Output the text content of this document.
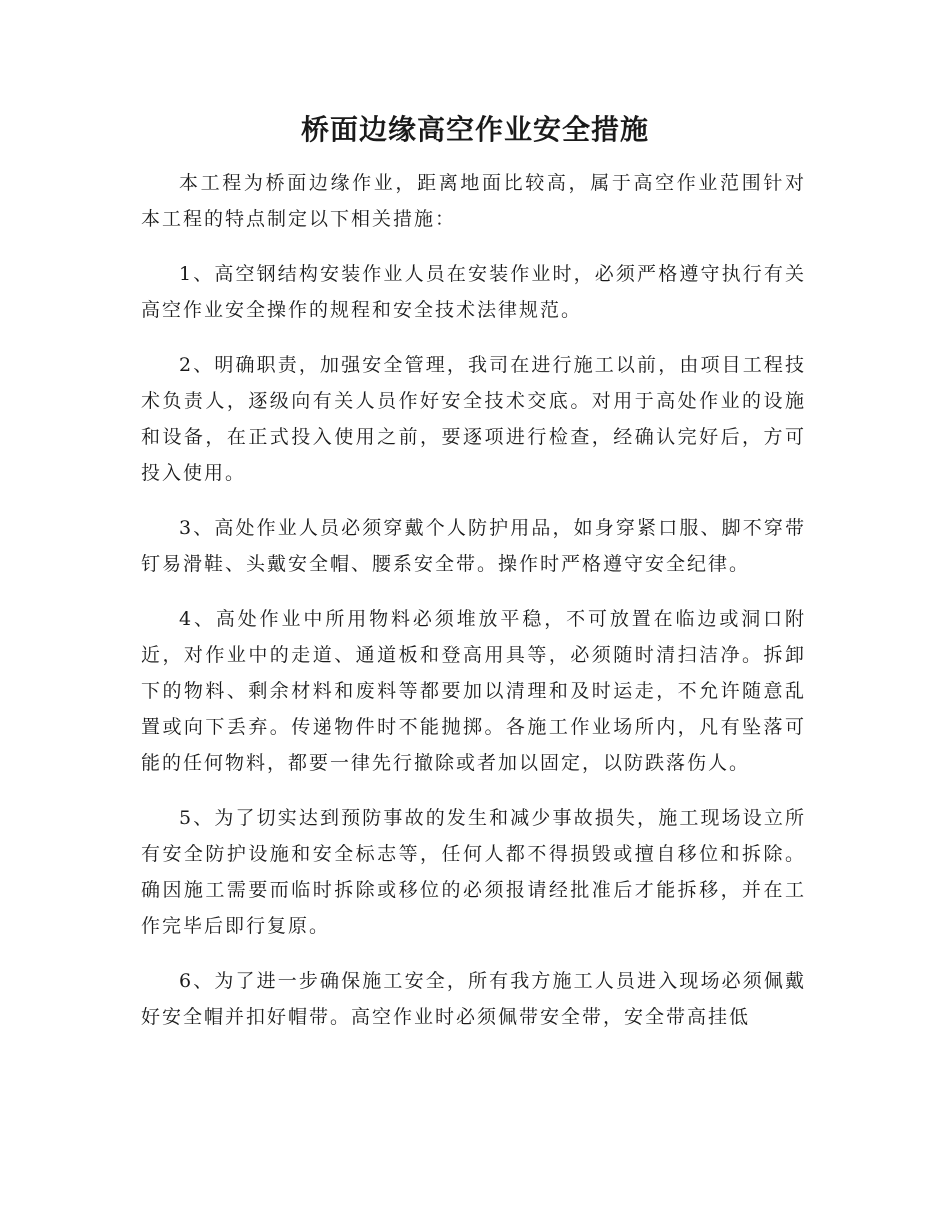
桥面边缘高空作业安全措施

本工程为桥面边缘作业，距离地面比较高，属于高空作业范围针对本工程的特点制定以下相关措施：

1、高空钢结构安装作业人员在安装作业时，必须严格遵守执行有关高空作业安全操作的规程和安全技术法律规范。

2、明确职责，加强安全管理，我司在进行施工以前，由项目工程技术负责人，逐级向有关人员作好安全技术交底。对用于高处作业的设施和设备，在正式投入使用之前，要逐项进行检查，经确认完好后，方可投入使用。

3、高处作业人员必须穿戴个人防护用品，如身穿紧口服、脚不穿带钉易滑鞋、头戴安全帽、腰系安全带。操作时严格遵守安全纪律。

4、高处作业中所用物料必须堆放平稳，不可放置在临边或洞口附近，对作业中的走道、通道板和登高用具等，必须随时清扫洁净。拆卸下的物料、剩余材料和废料等都要加以清理和及时运走，不允许随意乱置或向下丢弃。传递物件时不能抛掷。各施工作业场所内，凡有坠落可能的任何物料，都要一律先行撤除或者加以固定，以防跌落伤人。

5、为了切实达到预防事故的发生和减少事故损失，施工现场设立所有安全防护设施和安全标志等，任何人都不得损毁或擅自移位和拆除。确因施工需要而临时拆除或移位的必须报请经批准后才能拆移，并在工作完毕后即行复原。

6、为了进一步确保施工安全，所有我方施工人员进入现场必须佩戴好安全帽并扣好帽带。高空作业时必须佩带安全带，安全带高挂低
